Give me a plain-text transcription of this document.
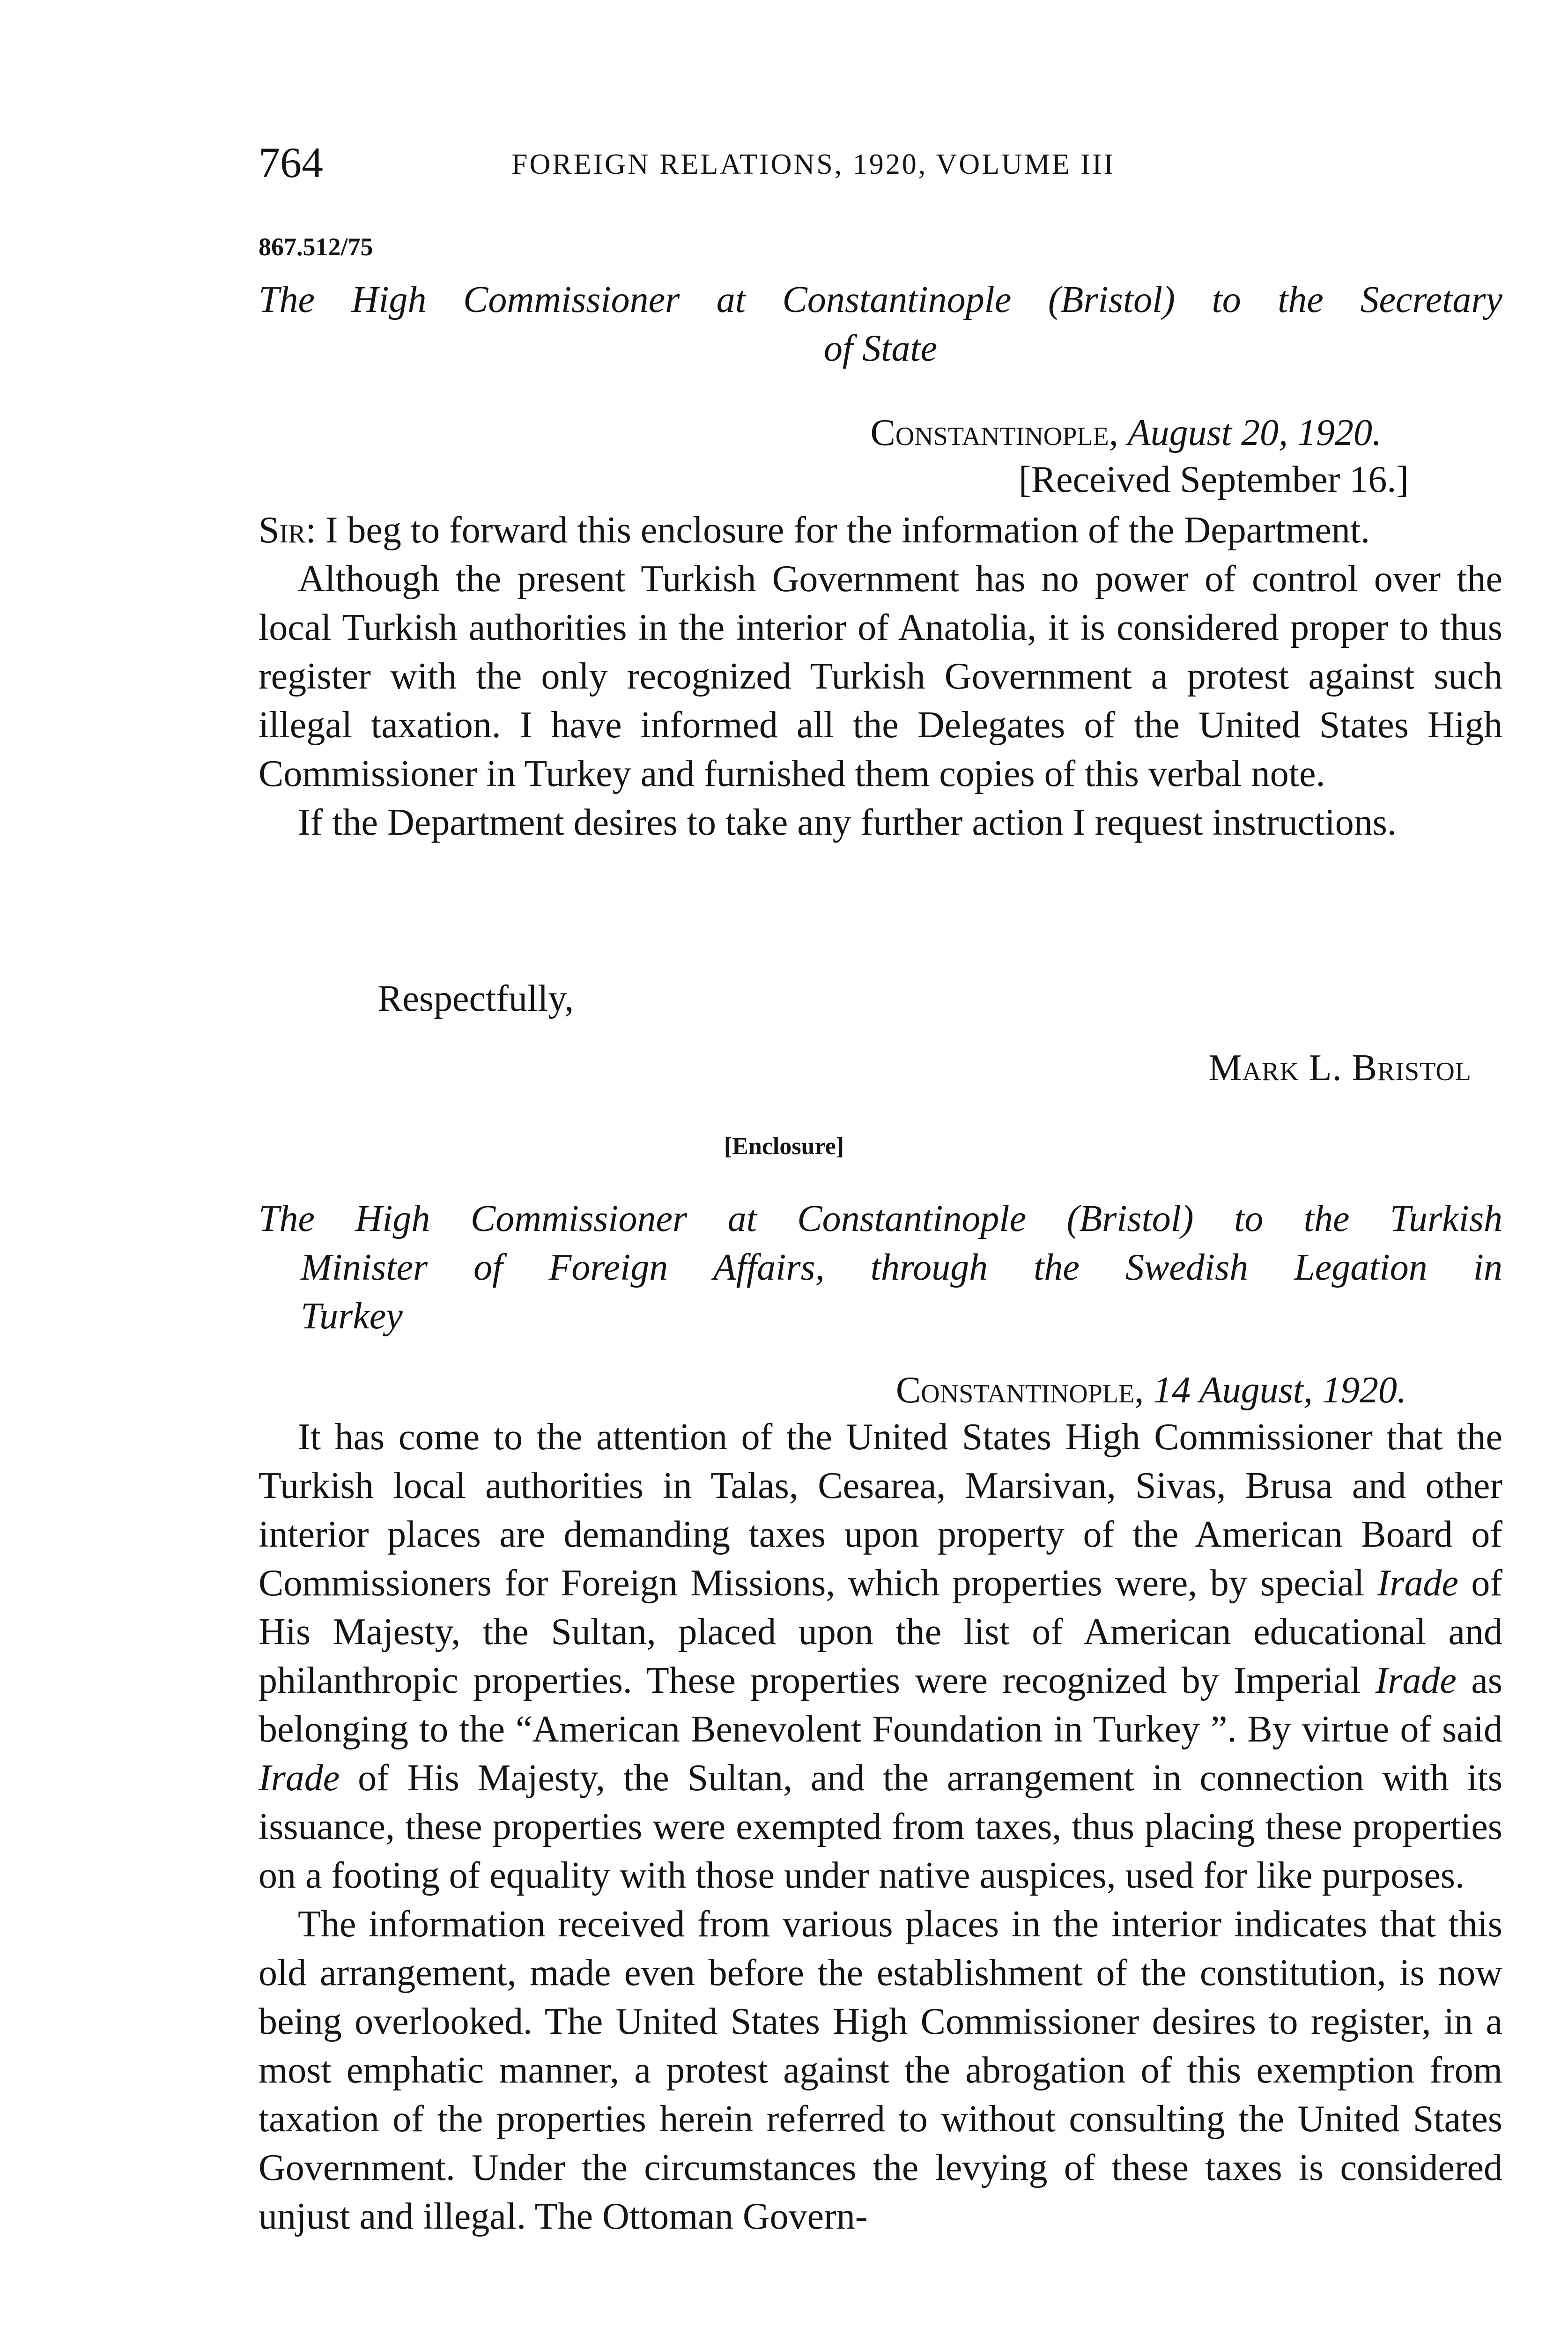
764	FOREIGN RELATIONS, 1920, VOLUME III
867.512/75
The High Commissioner at Constantinople (Bristol) to the Secretary
of State
Constantinople, August 20, 1920.
[Received September 16.]

Sir: I beg to forward this enclosure for the information of the Department.

Although the present Turkish Government has no power of control over the local Turkish authorities in the interior of Anatolia, it is considered proper to thus register with the only recognized Turkish Government a protest against such illegal taxation. I have informed all the Delegates of the United States High Commissioner in Turkey and furnished them copies of this verbal note.

If the Department desires to take any further action I request instructions.

Respectfully,
Mark L. Bristol
[Enclosure]
The High Commissioner at Constantinople (Bristol) to the Turkish
Minister of Foreign Affairs, through the Swedish Legation in
Turkey
Constantinople, 14 August, 1920.

It has come to the attention of the United States High Commissioner that the Turkish local authorities in Talas, Cesarea, Marsivan, Sivas, Brusa and other interior places are demanding taxes upon property of the American Board of Commissioners for Foreign Missions, which properties were, by special Irade of His Majesty, the Sultan, placed upon the list of American educational and philanthropic properties. These properties were recognized by Imperial Irade as belonging to the “American Benevolent Foundation in Turkey ”. By virtue of said Irade of His Majesty, the Sultan, and the arrangement in connection with its issuance, these properties were exempted from taxes, thus placing these properties on a footing of equality with those under native auspices, used for like purposes.

The information received from various places in the interior indicates that this old arrangement, made even before the establishment of the constitution, is now being overlooked. The United States High Commissioner desires to register, in a most emphatic manner, a protest against the abrogation of this exemption from taxation of the properties herein referred to without consulting the United States Government. Under the circumstances the levying of these taxes is considered unjust and illegal. The Ottoman Govern-
